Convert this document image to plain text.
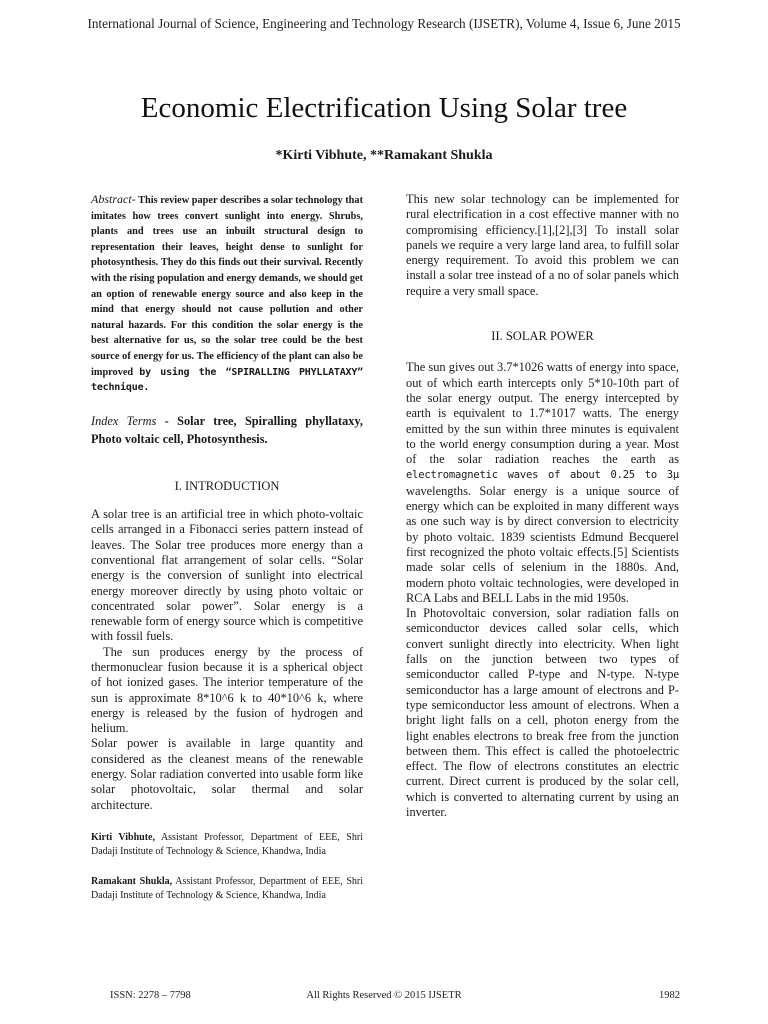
International Journal of Science, Engineering and Technology Research (IJSETR), Volume 4, Issue 6, June 2015
Economic Electrification Using Solar tree
*Kirti Vibhute, **Ramakant Shukla

Abstract- This review paper describes a solar technology that imitates how trees convert sunlight into energy. Shrubs, plants and trees use an inbuilt structural design to representation their leaves, height dense to sunlight for photosynthesis. They do this finds out their survival. Recently with the rising population and energy demands, we should get an option of renewable energy source and also keep in the mind that energy should not cause pollution and other natural hazards. For this condition the solar energy is the best alternative for us, so the solar tree could be the best source of energy for us. The efficiency of the plant can also be improved by using the “SPIRALLING PHYLLATAXY” technique.

Index Terms - Solar tree, Spiralling phyllataxy, Photo voltaic cell, Photosynthesis.

I. INTRODUCTION

A solar tree is an artificial tree in which photo-voltaic cells arranged in a Fibonacci series pattern instead of leaves. The Solar tree produces more energy than a conventional flat arrangement of solar cells. “Solar energy is the conversion of sunlight into electrical energy moreover directly by using photo voltaic or concentrated solar power”. Solar energy is a renewable form of energy source which is competitive with fossil fuels.

The sun produces energy by the process of thermonuclear fusion because it is a spherical object of hot ionized gases. The interior temperature of the sun is approximate 8*10^6 k to 40*10^6 k, where energy is released by the fusion of hydrogen and helium.

Solar power is available in large quantity and considered as the cleanest means of the renewable energy. Solar radiation converted into usable form like solar photovoltaic, solar thermal and solar architecture.

Kirti Vibhute, Assistant Professor, Department of EEE, Shri Dadaji Institute of Technology & Science, Khandwa, India

Ramakant Shukla, Assistant Professor, Department of EEE, Shri Dadaji Institute of Technology & Science, Khandwa, India

This new solar technology can be implemented for rural electrification in a cost effective manner with no compromising efficiency.[1],[2],[3] To install solar panels we require a very large land area, to fulfill solar energy requirement. To avoid this problem we can install a solar tree instead of a no of solar panels which require a very small space.

II. SOLAR POWER

The sun gives out 3.7*1026 watts of energy into space, out of which earth intercepts only 5*10-10th part of the solar energy output. The energy intercepted by earth is equivalent to 1.7*1017 watts. The energy emitted by the sun within three minutes is equivalent to the world energy consumption during a year. Most of the solar radiation reaches the earth as electromagnetic waves of about 0.25 to 3μ wavelengths. Solar energy is a unique source of energy which can be exploited in many different ways as one such way is by direct conversion to electricity by photo voltaic. 1839 scientists Edmund Becquerel first recognized the photo voltaic effects.[5] Scientists made solar cells of selenium in the 1880s. And, modern photo voltaic technologies, were developed in RCA Labs and BELL Labs in the mid 1950s.

In Photovoltaic conversion, solar radiation falls on semiconductor devices called solar cells, which convert sunlight directly into electricity. When light falls on the junction between two types of semiconductor called P-type and N-type. N-type semiconductor has a large amount of electrons and P-type semiconductor less amount of electrons. When a bright light falls on a cell, photon energy from the light enables electrons to break free from the junction between them. This effect is called the photoelectric effect. The flow of electrons constitutes an electric current. Direct current is produced by the solar cell, which is converted to alternating current by using an inverter.

ISSN: 2278 – 7798	All Rights Reserved © 2015 IJSETR	1982
